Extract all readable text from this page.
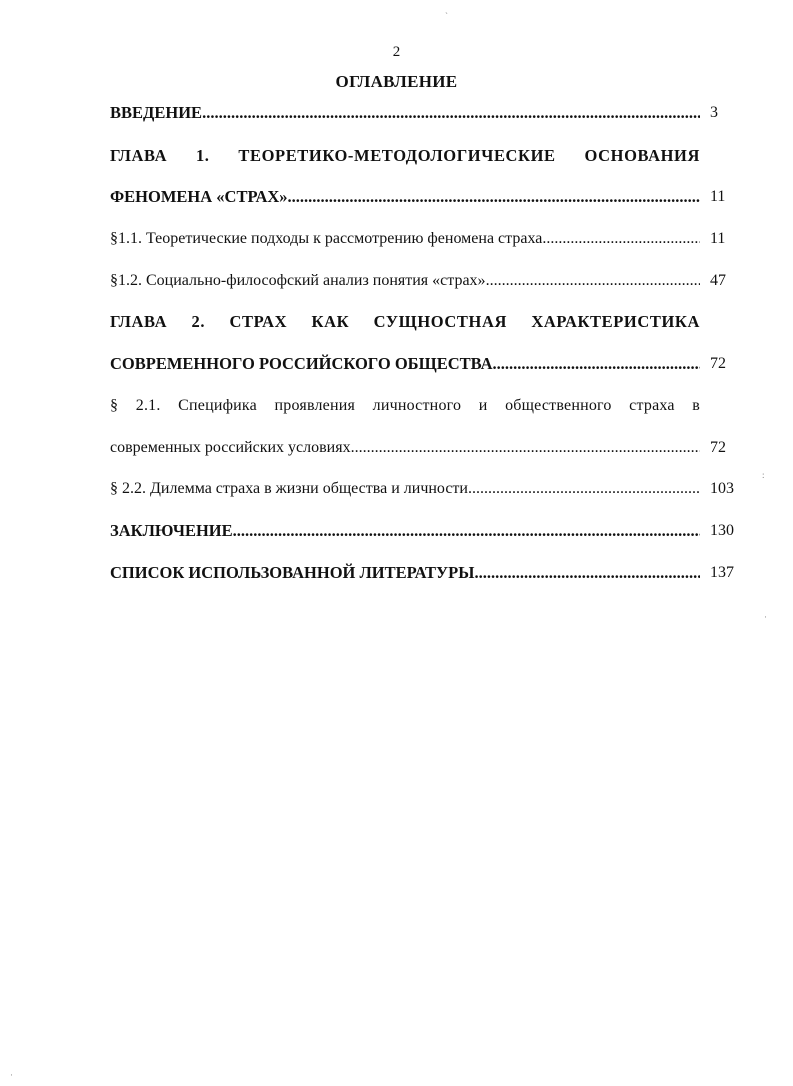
2
ОГЛАВЛЕНИЕ
ВВЕДЕНИЕ .....	3
ГЛАВА 1. ТЕОРЕТИКО-МЕТОДОЛОГИЧЕСКИЕ ОСНОВАНИЯ
ФЕНОМЕНА «СТРАХ» .....	11
§1.1. Теоретические подходы к рассмотрению феномена страха .....	11
§1.2. Социально-философский анализ понятия «страх» .....	47
ГЛАВА 2. СТРАХ КАК СУЩНОСТНАЯ ХАРАКТЕРИСТИКА
СОВРЕМЕННОГО РОССИЙСКОГО ОБЩЕСТВА .....	72
§ 2.1. Специфика проявления личностного и общественного страха в
современных российских условиях .....	72
§ 2.2. Дилемма страха в жизни общества и личности .....	103
ЗАКЛЮЧЕНИЕ .....	130
СПИСОК ИСПОЛЬЗОВАННОЙ ЛИТЕРАТУРЫ .....	137
ˎ
:
·
·
